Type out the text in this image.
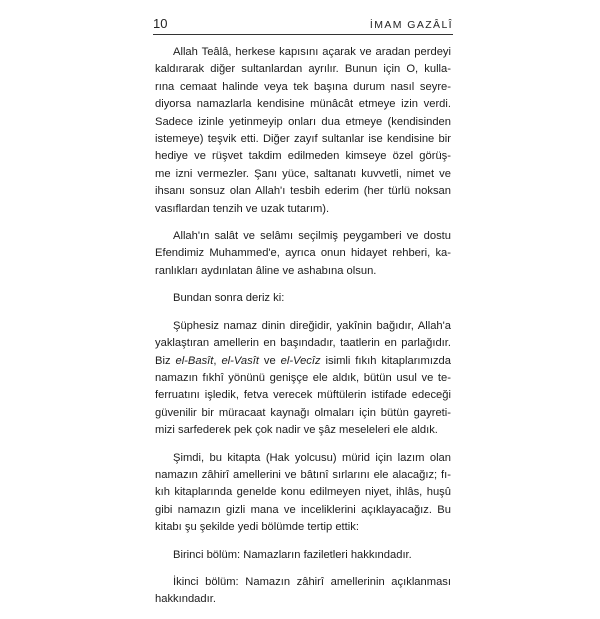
10	İMAM GAZÂLÎ
Allah Teâlâ, herkese kapısını açarak ve aradan perdeyi
kaldırarak diğer sultanlardan ayrılır. Bunun için O, kulla-
rına cemaat halinde veya tek başına durum nasıl seyre-
diyorsa namazlarla kendisine münâcât etmeye izin verdi.
Sadece izinle yetinmeyip onları dua etmeye (kendisinden
istemeye) teşvik etti. Diğer zayıf sultanlar ise kendisine bir
hediye ve rüşvet takdim edilmeden kimseye özel görüş-
me izni vermezler. Şanı yüce, saltanatı kuvvetli, nimet ve
ihsanı sonsuz olan Allah'ı tesbih ederim (her türlü noksan
vasıflardan tenzih ve uzak tutarım).
Allah'ın salât ve selâmı seçilmiş peygamberi ve dostu
Efendimiz Muhammed'e, ayrıca onun hidayet rehberi, ka-
ranlıkları aydınlatan âline ve ashabına olsun.
Bundan sonra deriz ki:
Şüphesiz namaz dinin direğidir, yakînin bağıdır, Allah'a
yaklaştıran amellerin en başındadır, taatlerin en parlağıdır.
Biz el-Basît, el-Vasît ve el-Vecîz isimli fıkıh kitaplarımızda
namazın fıkhî yönünü genişçe ele aldık, bütün usul ve te-
ferruatını işledik, fetva verecek müftülerin istifade edeceği
güvenilir bir müracaat kaynağı olmaları için bütün gayreti-
mizi sarfederek pek çok nadir ve şâz meseleleri ele aldık.
Şimdi, bu kitapta (Hak yolcusu) mürid için lazım olan
namazın zâhirî amellerini ve bâtınî sırlarını ele alacağız; fı-
kıh kitaplarında genelde konu edilmeyen niyet, ihlâs, huşû
gibi namazın gizli mana ve inceliklerini açıklayacağız. Bu
kitabı şu şekilde yedi bölümde tertip ettik:
Birinci bölüm: Namazların faziletleri hakkındadır.
İkinci bölüm: Namazın zâhirî amellerinin açıklanması
hakkındadır.
